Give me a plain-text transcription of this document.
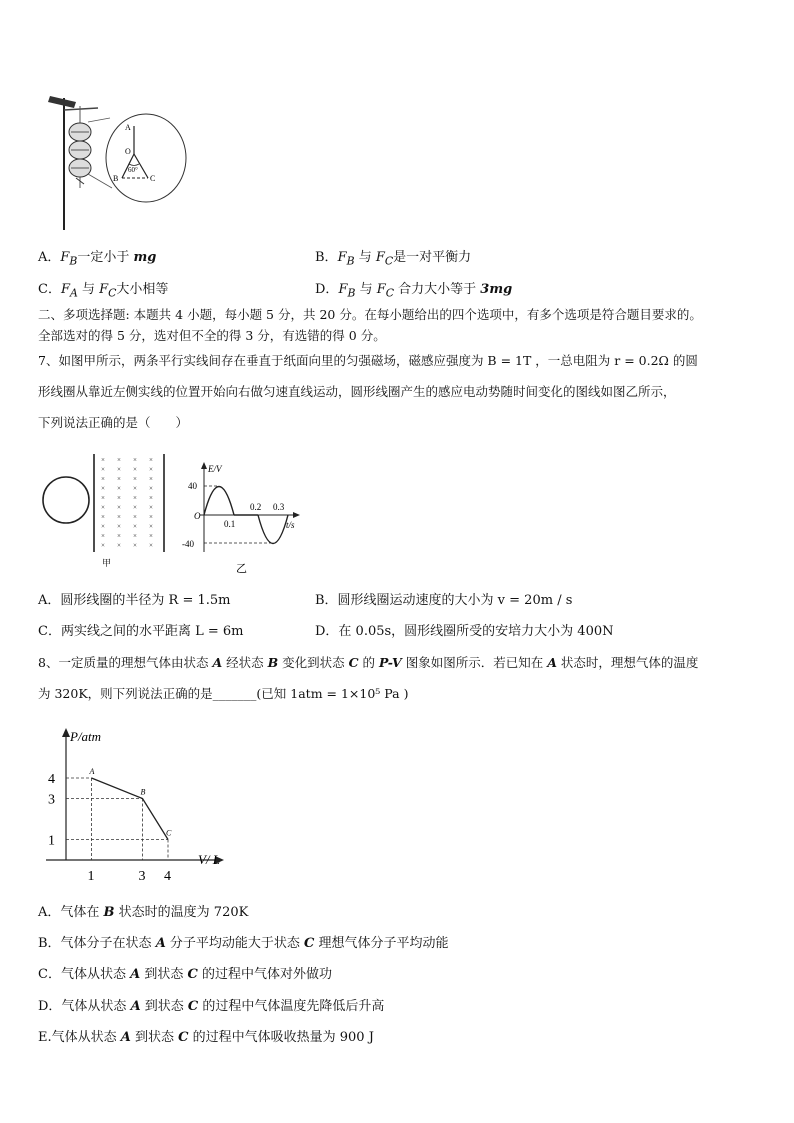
A
O
B	C
60°
A．$F_B$一定小于 mg	B．$F_B$ 与 $F_C$是一对平衡力
C．$F_A$ 与 $F_C$大小相等	D．$F_B$ 与 $F_C$ 合力大小等于 3mg
二、多项选择题: 本题共 4 小题，每小题 5 分，共 20 分。在每小题给出的四个选项中，有多个选项是符合题目要求的。
全部选对的得 5 分，选对但不全的得 3 分，有选错的得 0 分。
7、如图甲所示，两条平行实线间存在垂直于纸面向里的匀强磁场，磁感应强度为 B = 1T ，一总电阻为 r = 0.2Ω 的圆
形线圈从靠近左侧实线的位置开始向右做匀速直线运动，圆形线圈产生的感应电动势随时间变化的图线如图乙所示，
下列说法正确的是（　　）
× × × ×
× × × ×
× × × ×
× × × ×
× × × ×
× × × ×
× × × ×
× × × ×
× × × ×
× × × ×
甲
E/V
40
O
-40
0.1
0.2 0.3
t/s
乙
A．圆形线圈的半径为 R = 1.5m	B．圆形线圈运动速度的大小为 v = 20m / s
C．两实线之间的水平距离 L = 6m	D．在 0.05s，圆形线圈所受的安培力大小为 400N
8、一定质量的理想气体由状态 A 经状态 B 变化到状态 C 的 P-V 图象如图所示．若已知在 A 状态时，理想气体的温度
为 320K，则下列说法正确的是_______(已知 1atm = 1×10⁵ Pa )
A
B
C
1	3 4
4
3
1
P/atm
V/ L
A．气体在 B 状态时的温度为 720K
B．气体分子在状态 A 分子平均动能大于状态 C 理想气体分子平均动能
C．气体从状态 A 到状态 C 的过程中气体对外做功
D．气体从状态 A 到状态 C 的过程中气体温度先降低后升高
E.气体从状态 A 到状态 C 的过程中气体吸收热量为 900 J
